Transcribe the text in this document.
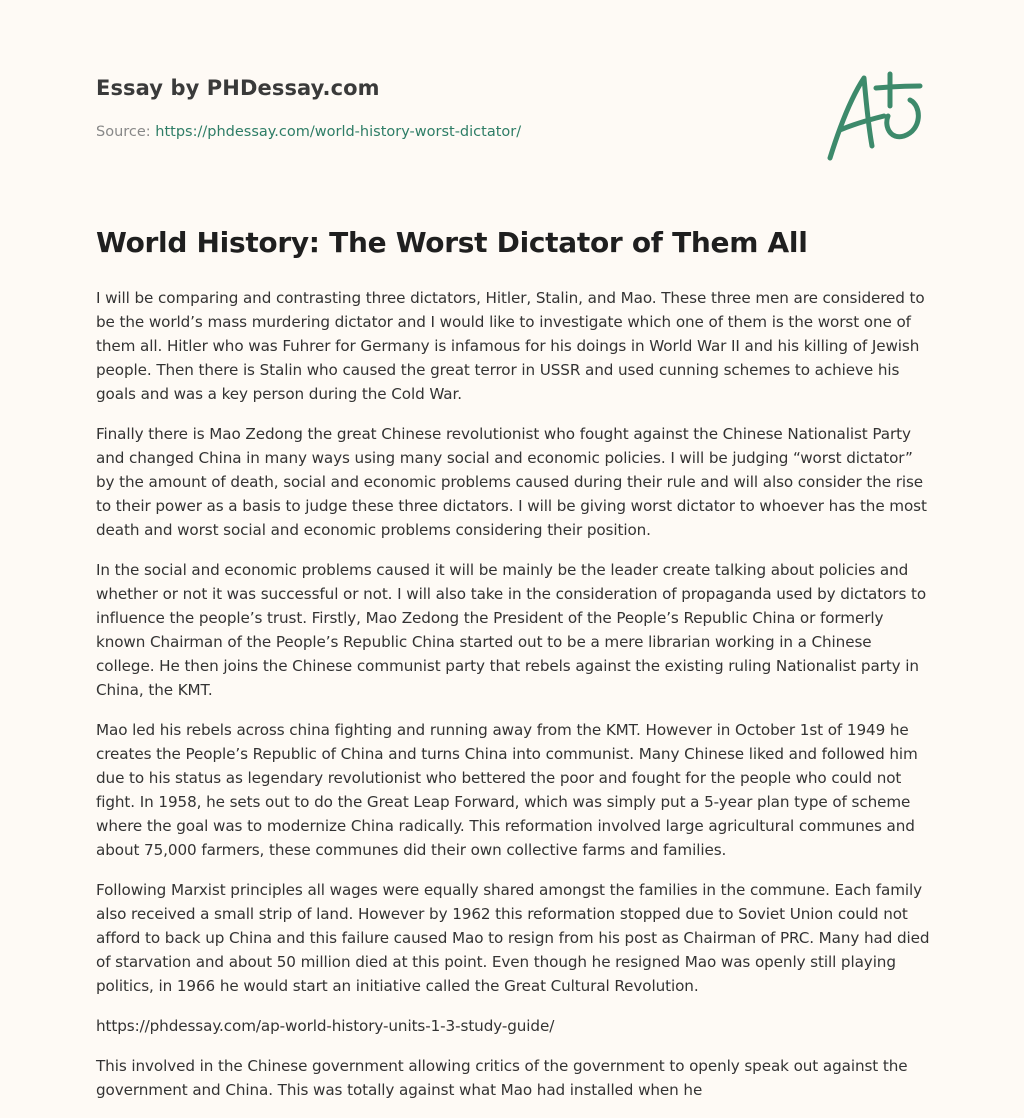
Essay by PHDessay.com
Source: https://phdessay.com/world-history-worst-dictator/
World History: The Worst Dictator of Them All

I will be comparing and contrasting three dictators, Hitler, Stalin, and Mao. These three men are considered to be the world’s mass murdering dictator and I would like to investigate which one of them is the worst one of them all. Hitler who was Fuhrer for Germany is infamous for his doings in World War II and his killing of Jewish people. Then there is Stalin who caused the great terror in USSR and used cunning schemes to achieve his goals and was a key person during the Cold War.

Finally there is Mao Zedong the great Chinese revolutionist who fought against the Chinese Nationalist Party and changed China in many ways using many social and economic policies. I will be judging “worst dictator” by the amount of death, social and economic problems caused during their rule and will also consider the rise to their power as a basis to judge these three dictators. I will be giving worst dictator to whoever has the most death and worst social and economic problems considering their position.

In the social and economic problems caused it will be mainly be the leader create talking about policies and whether or not it was successful or not. I will also take in the consideration of propaganda used by dictators to influence the people’s trust. Firstly, Mao Zedong the President of the People’s Republic China or formerly known Chairman of the People’s Republic China started out to be a mere librarian working in a Chinese college. He then joins the Chinese communist party that rebels against the existing ruling Nationalist party in China, the KMT.

Mao led his rebels across china fighting and running away from the KMT. However in October 1st of 1949 he creates the People’s Republic of China and turns China into communist. Many Chinese liked and followed him due to his status as legendary revolutionist who bettered the poor and fought for the people who could not fight. In 1958, he sets out to do the Great Leap Forward, which was simply put a 5-year plan type of scheme where the goal was to modernize China radically. This reformation involved large agricultural communes and about 75,000 farmers, these communes did their own collective farms and families.

Following Marxist principles all wages were equally shared amongst the families in the commune. Each family also received a small strip of land. However by 1962 this reformation stopped due to Soviet Union could not afford to back up China and this failure caused Mao to resign from his post as Chairman of PRC. Many had died of starvation and about 50 million died at this point. Even though he resigned Mao was openly still playing politics, in 1966 he would start an initiative called the Great Cultural Revolution.

https://phdessay.com/ap-world-history-units-1-3-study-guide/

This involved in the Chinese government allowing critics of the government to openly speak out against the government and China. This was totally against what Mao had installed when he
